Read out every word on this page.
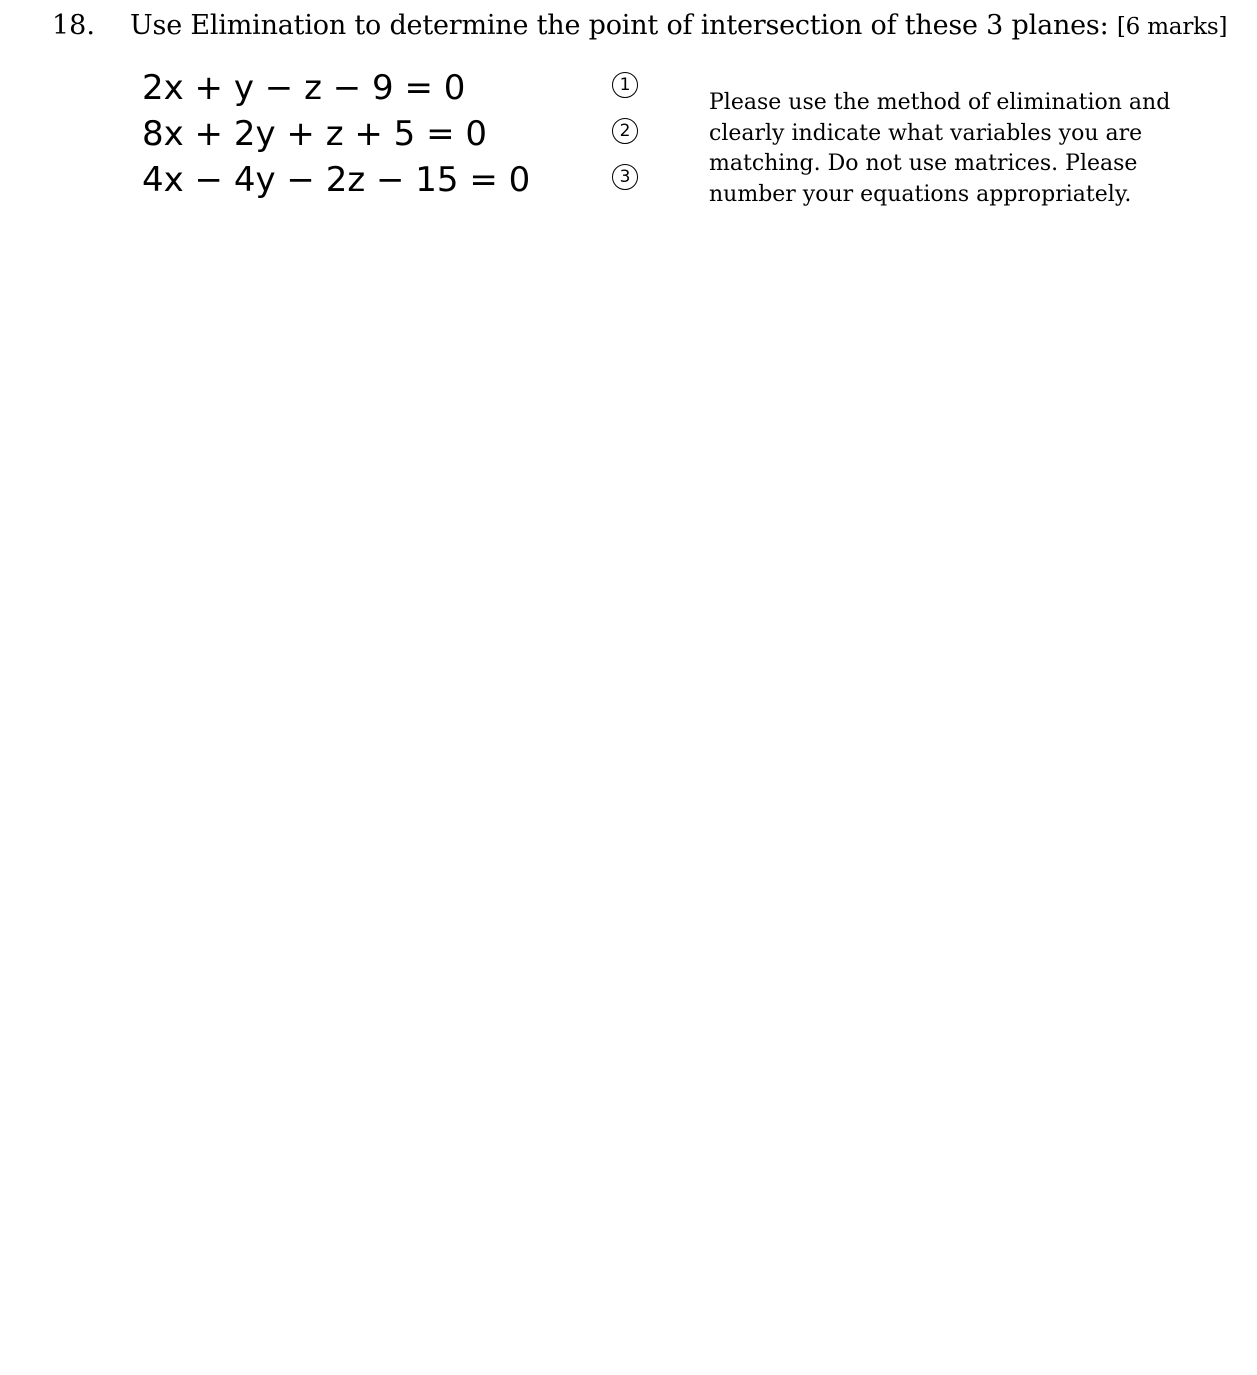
18. Use Elimination to determine the point of intersection of these 3 planes: [6 marks]
2x + y − z − 9 = 0	1
8x + 2y + z + 5 = 0	2
4x − 4y − 2z − 15 = 0	3
Please use the method of elimination and
clearly indicate what variables you are
matching. Do not use matrices. Please
number your equations appropriately.
